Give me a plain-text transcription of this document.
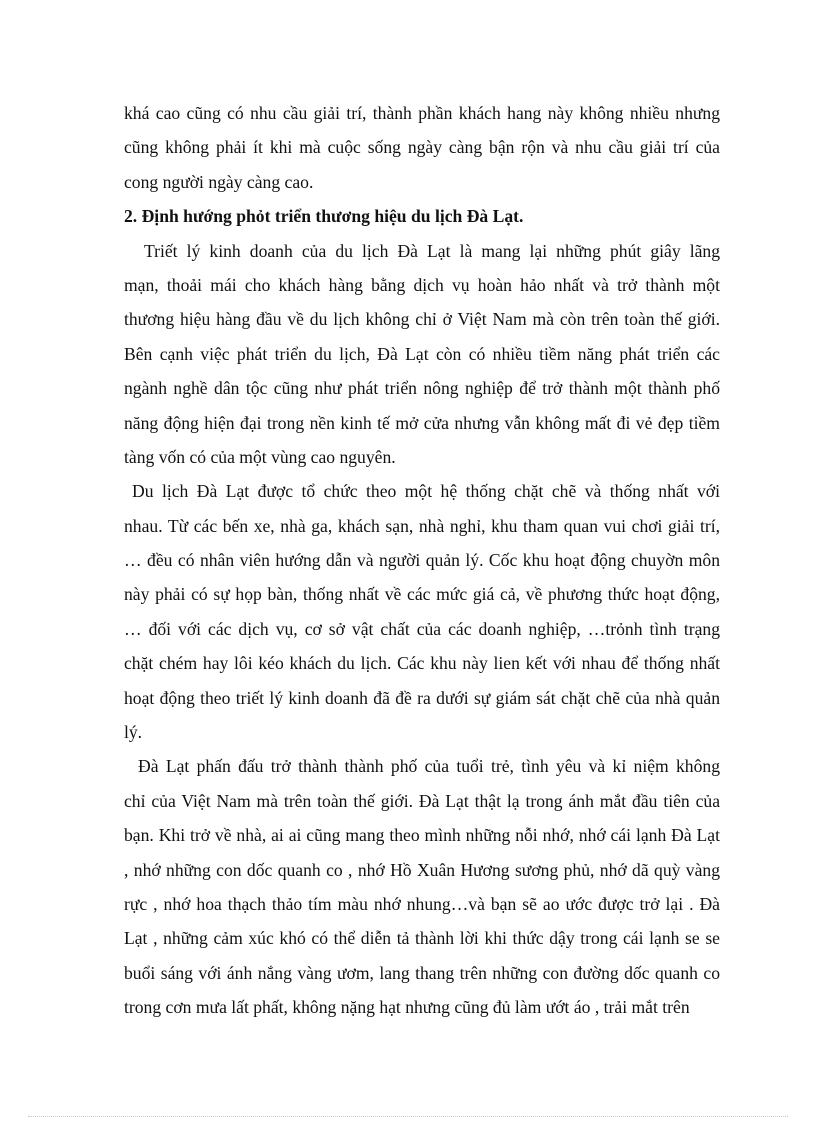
khá cao cũng có nhu cầu giải trí, thành phần khách hang này không nhiều nhưng
cũng không phải ít khi mà cuộc sống ngày càng bận rộn và nhu cầu giải trí của
cong người ngày càng cao.
2. Định hướng phỏt triển thương hiệu du lịch Đà Lạt.
Triết lý kinh doanh của du lịch Đà Lạt là mang lại những phút giây lãng
mạn, thoải mái cho khách hàng bằng dịch vụ hoàn hảo nhất và trở thành một
thương hiệu hàng đầu về du lịch không chỉ ở Việt Nam mà còn trên toàn thế giới.
Bên cạnh việc phát triển du lịch, Đà Lạt còn có nhiều tiềm năng phát triển các
ngành nghề dân tộc cũng như phát triển nông nghiệp để trở thành một thành phố
năng động hiện đại trong nền kinh tế mở cửa nhưng vẫn không mất đi vẻ đẹp tiềm
tàng vốn có của một vùng cao nguyên.
Du lịch Đà Lạt được tổ chức theo một hệ thống chặt chẽ và thống nhất với
nhau. Từ các bến xe, nhà ga, khách sạn, nhà nghỉ, khu tham quan vui chơi giải trí,
… đều có nhân viên hướng dẫn và người quản lý. Cốc khu hoạt động chuyờn môn
này phải có sự họp bàn, thống nhất về các mức giá cả, về phương thức hoạt động,
… đối với các dịch vụ, cơ sở vật chất của các doanh nghiệp, …trỏnh tình trạng
chặt chém hay lôi kéo khách du lịch. Các khu này lien kết với nhau để thống nhất
hoạt động theo triết lý kinh doanh đã đề ra dưới sự giám sát chặt chẽ của nhà quản
lý.
Đà Lạt phấn đấu trở thành thành phố của tuổi trẻ, tình yêu và kỉ niệm không
chỉ của Việt Nam mà trên toàn thế giới. Đà Lạt thật lạ trong ánh mắt đầu tiên của
bạn. Khi trở về nhà, ai ai cũng mang theo mình những nỗi nhớ, nhớ cái lạnh Đà Lạt
, nhớ những con dốc quanh co , nhớ Hồ Xuân Hương sương phủ, nhớ dã quỳ vàng
rực , nhớ hoa thạch thảo tím màu nhớ nhung…và bạn sẽ ao ước được trở lại . Đà
Lạt , những cảm xúc khó có thể diễn tả thành lời khi thức dậy trong cái lạnh se se
buổi sáng với ánh nắng vàng ươm, lang thang trên những con đường dốc quanh co
trong cơn mưa lất phất, không nặng hạt nhưng cũng đủ làm ướt áo , trải mắt trên
